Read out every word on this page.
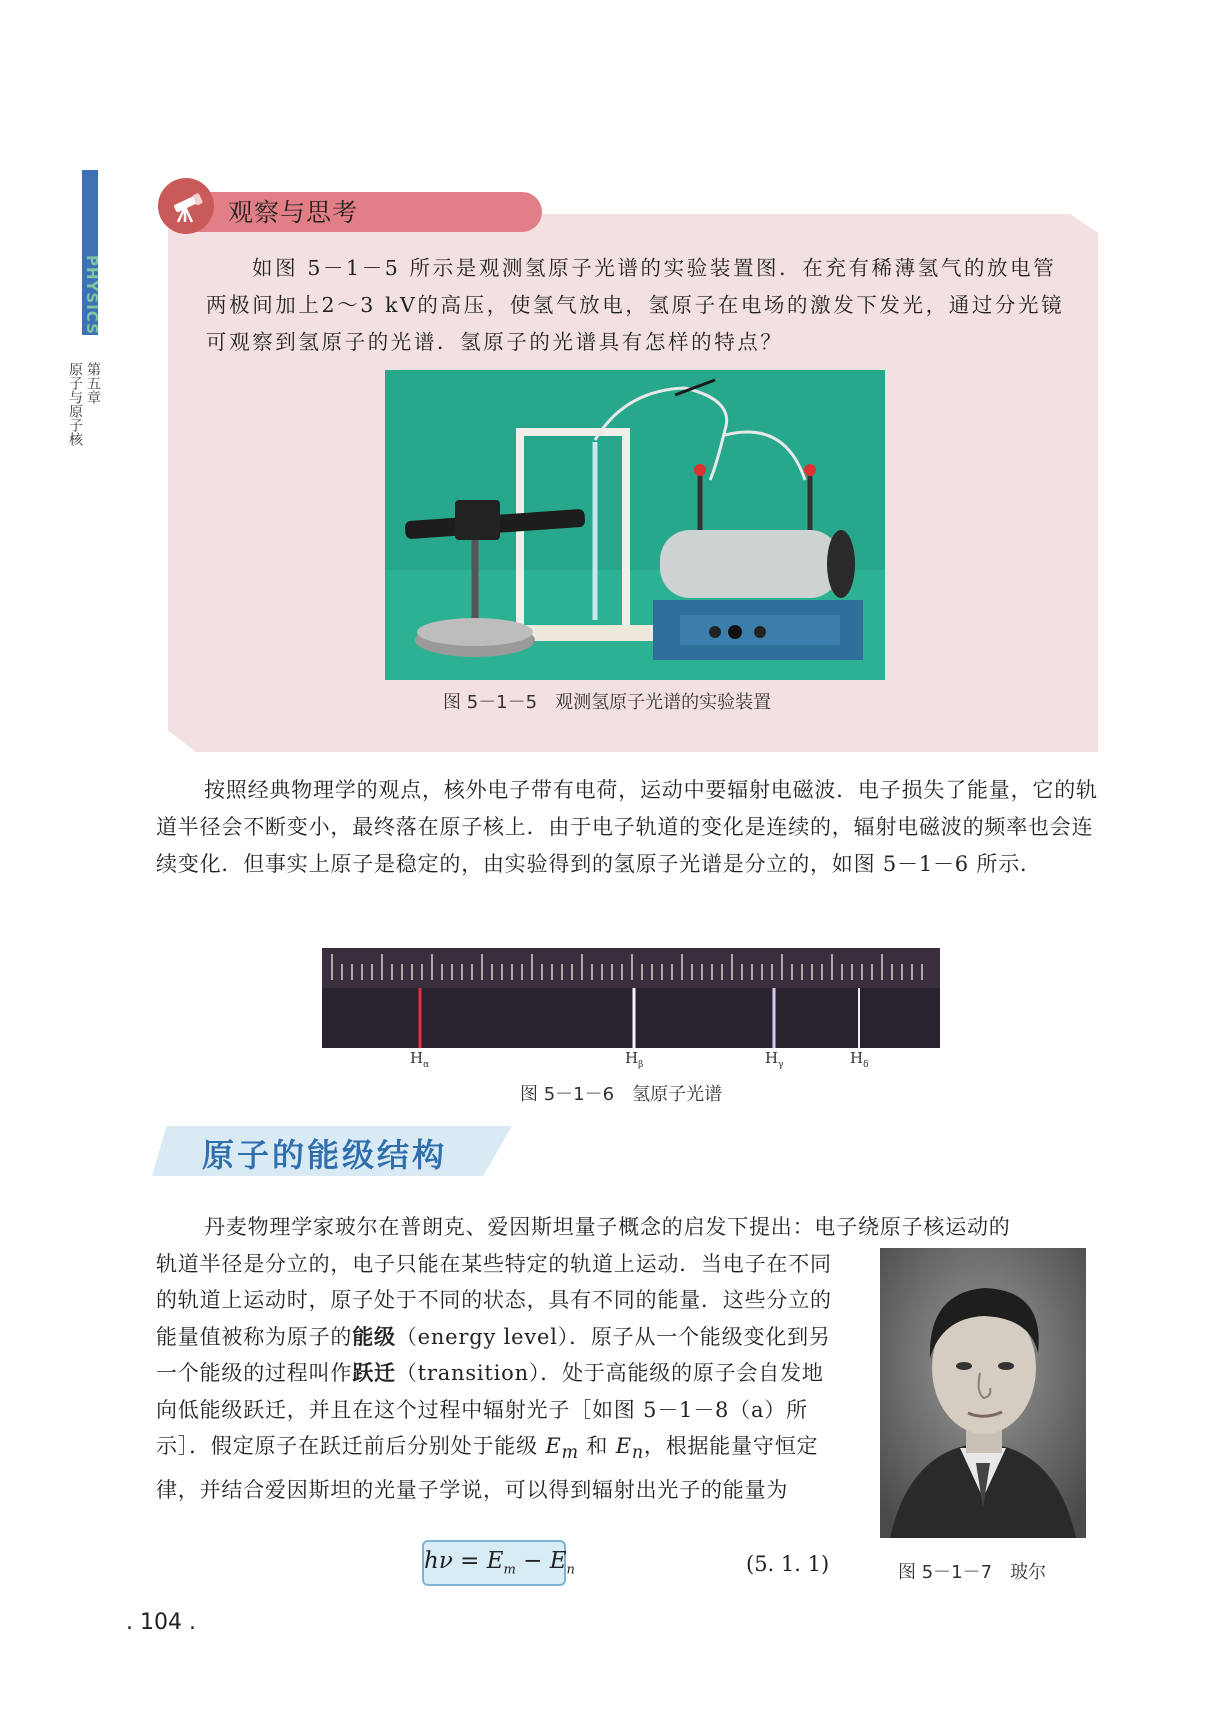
PHYSICS
第五章
原子与原子核
观察与思考

如图 5－1－5 所示是观测氢原子光谱的实验装置图．在充有稀薄氢气的放电管两极间加上2～3 kV的高压，使氢气放电，氢原子在电场的激发下发光，通过分光镜可观察到氢原子的光谱．氢原子的光谱具有怎样的特点？

图 5－1－5　观测氢原子光谱的实验装置

按照经典物理学的观点，核外电子带有电荷，运动中要辐射电磁波．电子损失了能量，它的轨道半径会不断变小，最终落在原子核上．由于电子轨道的变化是连续的，辐射电磁波的频率也会连续变化．但事实上原子是稳定的，由实验得到的氢原子光谱是分立的，如图 5－1－6 所示．

$H_\alpha$	$H_\beta$	$H_\gamma$	$H_\delta$
图 5－1－6　氢原子光谱
原子的能级结构

丹麦物理学家玻尔在普朗克、爱因斯坦量子概念的启发下提出：电子绕原子核运动的

轨道半径是分立的，电子只能在某些特定的轨道上运动．当电子在不同的轨道上运动时，原子处于不同的状态，具有不同的能量．这些分立的能量值被称为原子的能级（energy level）．原子从一个能级变化到另一个能级的过程叫作跃迁（transition）．处于高能级的原子会自发地向低能级跃迁，并且在这个过程中辐射光子［如图 5－1－8（a）所示］．假定原子在跃迁前后分别处于能级 $E_m$ 和 $E_n$，根据能量守恒定律，并结合爱因斯坦的光量子学说，可以得到辐射出光子的能量为

图 5－1－7　玻尔
$h\nu = E_m - E_n$	(5. 1. 1)
. 104 .
